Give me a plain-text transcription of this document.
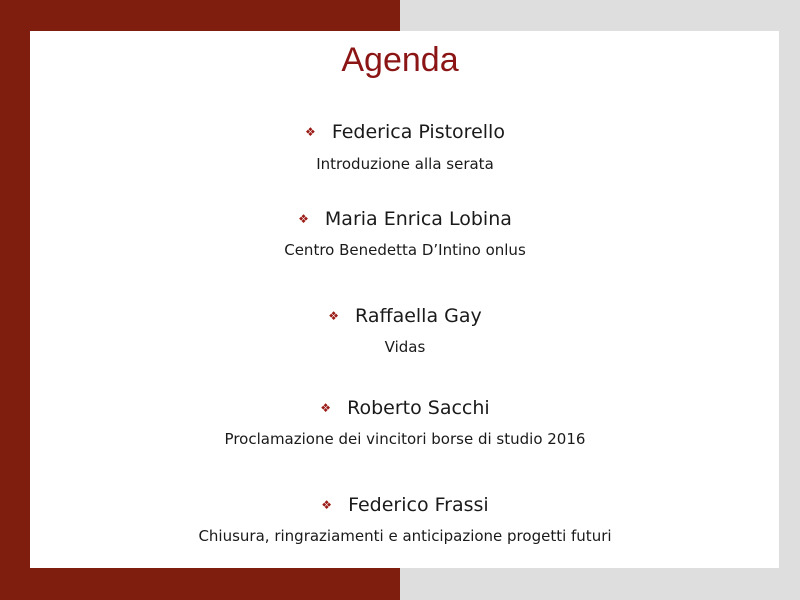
Agenda
❖ Federica Pistorello
Introduzione alla serata
❖ Maria Enrica Lobina
Centro Benedetta D’Intino onlus
❖ Raffaella Gay
Vidas
❖ Roberto Sacchi
Proclamazione dei vincitori borse di studio 2016
❖ Federico Frassi
Chiusura, ringraziamenti e anticipazione progetti futuri
